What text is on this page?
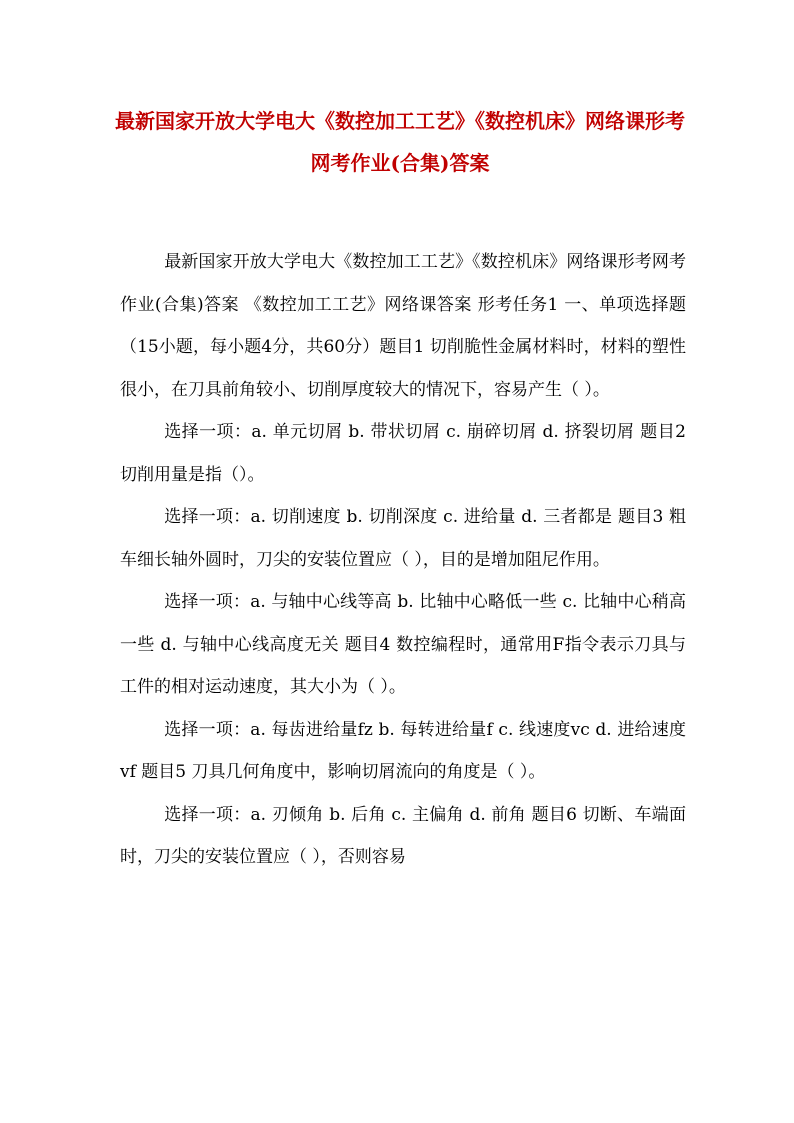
最新国家开放大学电大《数控加工工艺》《数控机床》网络课形考网考作业(合集)答案

最新国家开放大学电大《数控加工工艺》《数控机床》网络课形考网考作业(合集)答案 《数控加工工艺》网络课答案 形考任务1 一、单项选择题（15小题，每小题4分，共60分）题目1 切削脆性金属材料时，材料的塑性很小，在刀具前角较小、切削厚度较大的情况下，容易产生（ ）。

选择一项：a. 单元切屑 b. 带状切屑 c. 崩碎切屑 d. 挤裂切屑 题目2 切削用量是指（）。

选择一项：a. 切削速度 b. 切削深度 c. 进给量 d. 三者都是 题目3 粗车细长轴外圆时，刀尖的安装位置应（ ），目的是增加阻尼作用。

选择一项：a. 与轴中心线等高 b. 比轴中心略低一些 c. 比轴中心稍高一些 d. 与轴中心线高度无关 题目4 数控编程时，通常用F指令表示刀具与工件的相对运动速度，其大小为（ ）。

选择一项：a. 每齿进给量fz b. 每转进给量f c. 线速度vc d. 进给速度vf 题目5 刀具几何角度中，影响切屑流向的角度是（ ）。

选择一项：a. 刃倾角 b. 后角 c. 主偏角 d. 前角 题目6 切断、车端面时，刀尖的安装位置应（ ），否则容易
